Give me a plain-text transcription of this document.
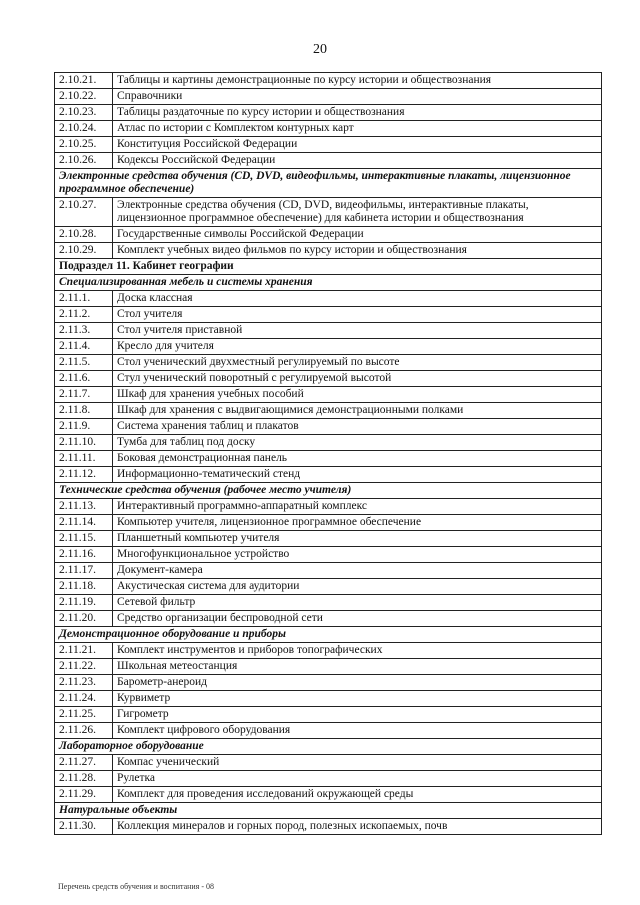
20
2.10.21.	Таблицы и картины демонстрационные по курсу истории и обществознания
2.10.22.	Справочники
2.10.23.	Таблицы раздаточные по курсу истории и обществознания
2.10.24.	Атлас по истории с Комплектом контурных карт
2.10.25.	Конституция Российской Федерации
2.10.26.	Кодексы Российской Федерации
Электронные средства обучения (CD, DVD, видеофильмы, интерактивные плакаты, лицензионное программное обеспечение)	
2.10.27.	Электронные средства обучения (CD, DVD, видеофильмы, интерактивные плакаты, лицензионное программное обеспечение) для кабинета истории и обществознания
2.10.28.	Государственные символы Российской Федерации
2.10.29.	Комплект учебных видео фильмов по курсу истории и обществознания
Подраздел 11. Кабинет географии	
Специализированная мебель и системы хранения	
2.11.1.	Доска классная
2.11.2.	Стол учителя
2.11.3.	Стол учителя приставной
2.11.4.	Кресло для учителя
2.11.5.	Стол ученический двухместный регулируемый по высоте
2.11.6.	Стул ученический поворотный с регулируемой высотой
2.11.7.	Шкаф для хранения учебных пособий
2.11.8.	Шкаф для хранения с выдвигающимися демонстрационными полками
2.11.9.	Система хранения таблиц и плакатов
2.11.10.	Тумба для таблиц под доску
2.11.11.	Боковая демонстрационная панель
2.11.12.	Информационно-тематический стенд
Технические средства обучения (рабочее место учителя)	
2.11.13.	Интерактивный программно-аппаратный комплекс
2.11.14.	Компьютер учителя, лицензионное программное обеспечение
2.11.15.	Планшетный компьютер учителя
2.11.16.	Многофункциональное устройство
2.11.17.	Документ-камера
2.11.18.	Акустическая система для аудитории
2.11.19.	Сетевой фильтр
2.11.20.	Средство организации беспроводной сети
Демонстрационное оборудование и приборы	
2.11.21.	Комплект инструментов и приборов топографических
2.11.22.	Школьная метеостанция
2.11.23.	Барометр-анероид
2.11.24.	Курвиметр
2.11.25.	Гигрометр
2.11.26.	Комплект цифрового оборудования
Лабораторное оборудование	
2.11.27.	Компас ученический
2.11.28.	Рулетка
2.11.29.	Комплект для проведения исследований окружающей среды
Натуральные объекты	
2.11.30.	Коллекция минералов и горных пород, полезных ископаемых, почв
Перечень средств обучения и воспитания - 08
